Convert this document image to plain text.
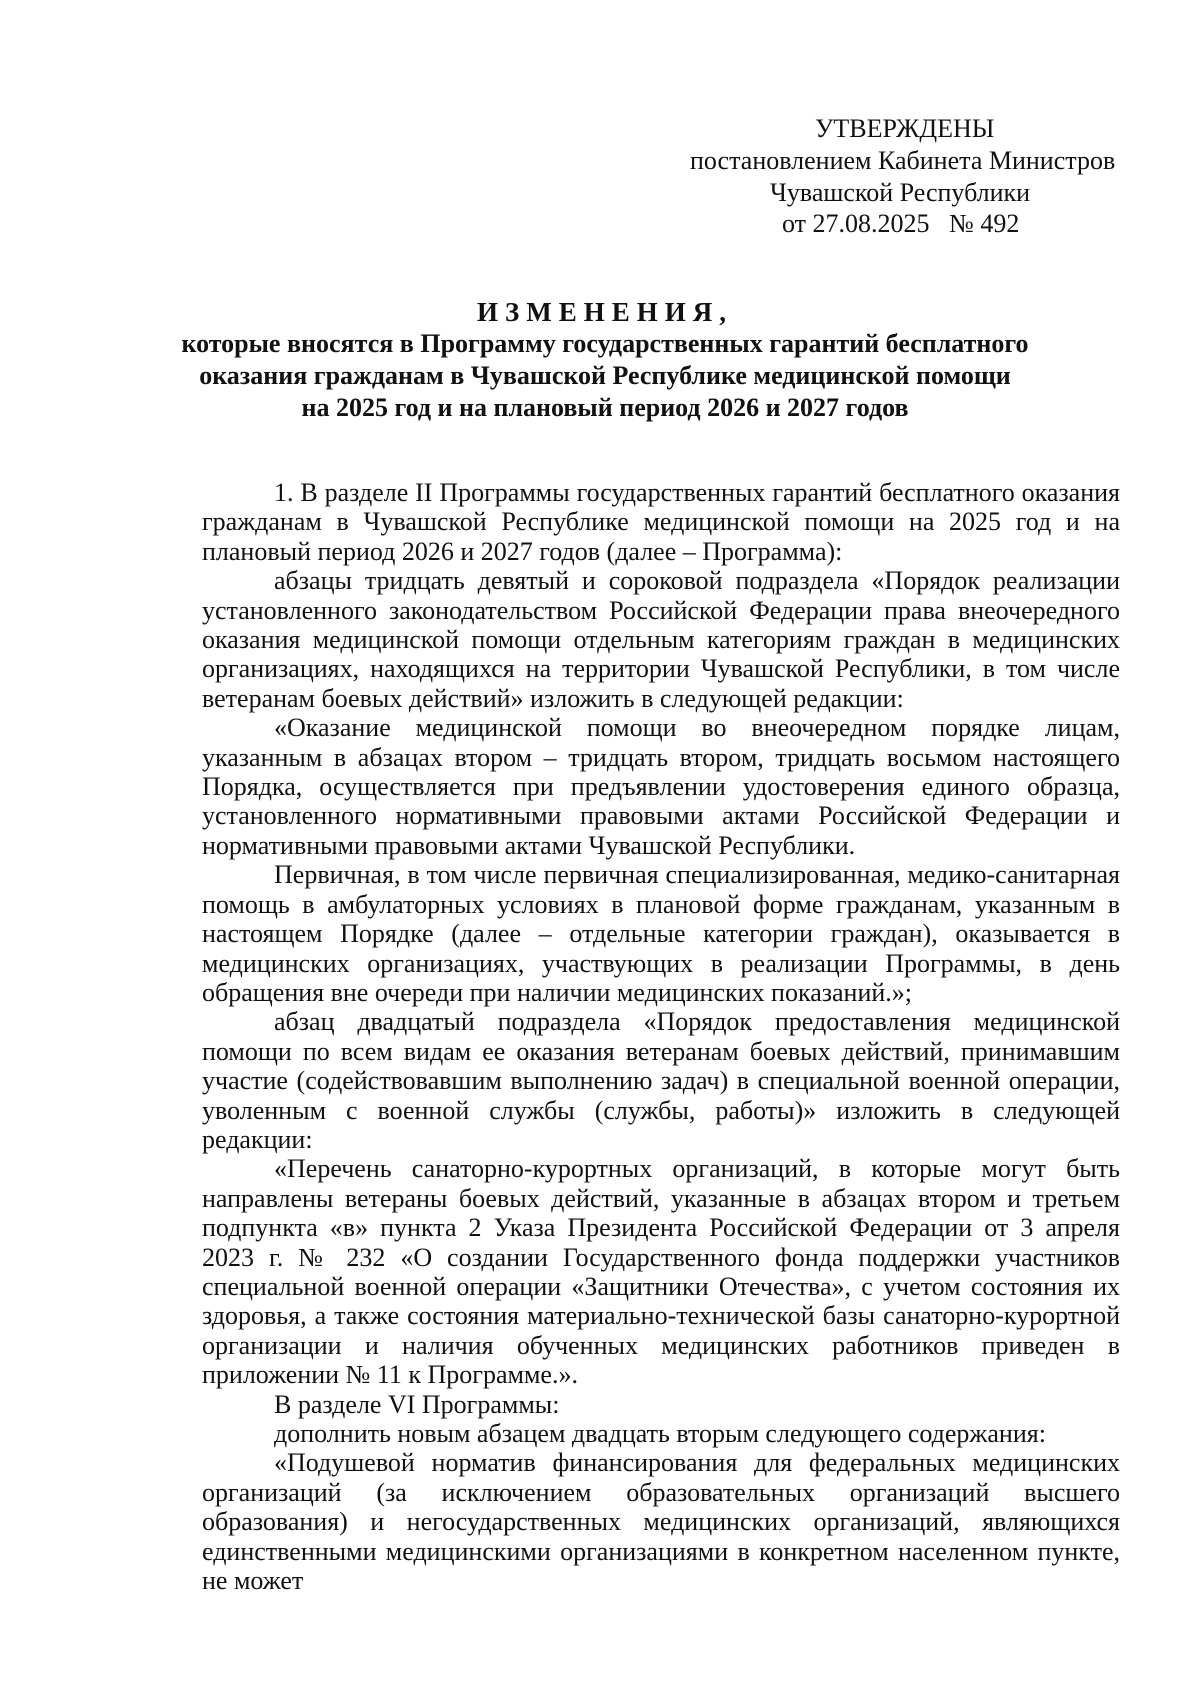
УТВЕРЖДЕНЫ
постановлением Кабинета Министров
Чувашской Республики
от 27.08.2025   № 492
ИЗМЕНЕНИЯ,
которые вносятся в Программу государственных гарантий бесплатного
оказания гражданам в Чувашской Республике медицинской помощи
на 2025 год и на плановый период 2026 и 2027 годов

1. В разделе II Программы государственных гарантий бесплатного оказания гражданам в Чувашской Республике медицинской помощи на 2025 год и на плановый период 2026 и 2027 годов (далее – Программа):

абзацы тридцать девятый и сороковой подраздела «Порядок реализации установленного законодательством Российской Федерации права внеочередного оказания медицинской помощи отдельным категориям граждан в медицинских организациях, находящихся на территории Чувашской Республики, в том числе ветеранам боевых действий» изложить в следующей редакции:

«Оказание медицинской помощи во внеочередном порядке лицам, указанным в абзацах втором – тридцать втором, тридцать восьмом настоящего Порядка, осуществляется при предъявлении удостоверения единого образца, установленного нормативными правовыми актами Российской Федерации и нормативными правовыми актами Чувашской Республики.

Первичная, в том числе первичная специализированная, медико-санитарная помощь в амбулаторных условиях в плановой форме гражданам, указанным в настоящем Порядке (далее – отдельные категории граждан), оказывается в медицинских организациях, участвующих в реализации Программы, в день обращения вне очереди при наличии медицинских показаний.»;

абзац двадцатый подраздела «Порядок предоставления медицинской помощи по всем видам ее оказания ветеранам боевых действий, принимавшим участие (содействовавшим выполнению задач) в специальной военной операции, уволенным с военной службы (службы, работы)» изложить в следующей редакции:

«Перечень санаторно-курортных организаций, в которые могут быть направлены ветераны боевых действий, указанные в абзацах втором и третьем подпункта «в» пункта 2 Указа Президента Российской Федерации от 3 апреля 2023 г. № 232 «О создании Государственного фонда поддержки участников специальной военной операции «Защитники Отечества», с учетом состояния их здоровья, а также состояния материально-технической базы санаторно-курортной организации и наличия обученных медицинских работников приведен в приложении № 11 к Программе.».

В разделе VI Программы:

дополнить новым абзацем двадцать вторым следующего содержания:

«Подушевой норматив финансирования для федеральных медицинских организаций (за исключением образовательных организаций высшего образования) и негосударственных медицинских организаций, являющихся единственными медицинскими организациями в конкретном населенном пункте, не может
